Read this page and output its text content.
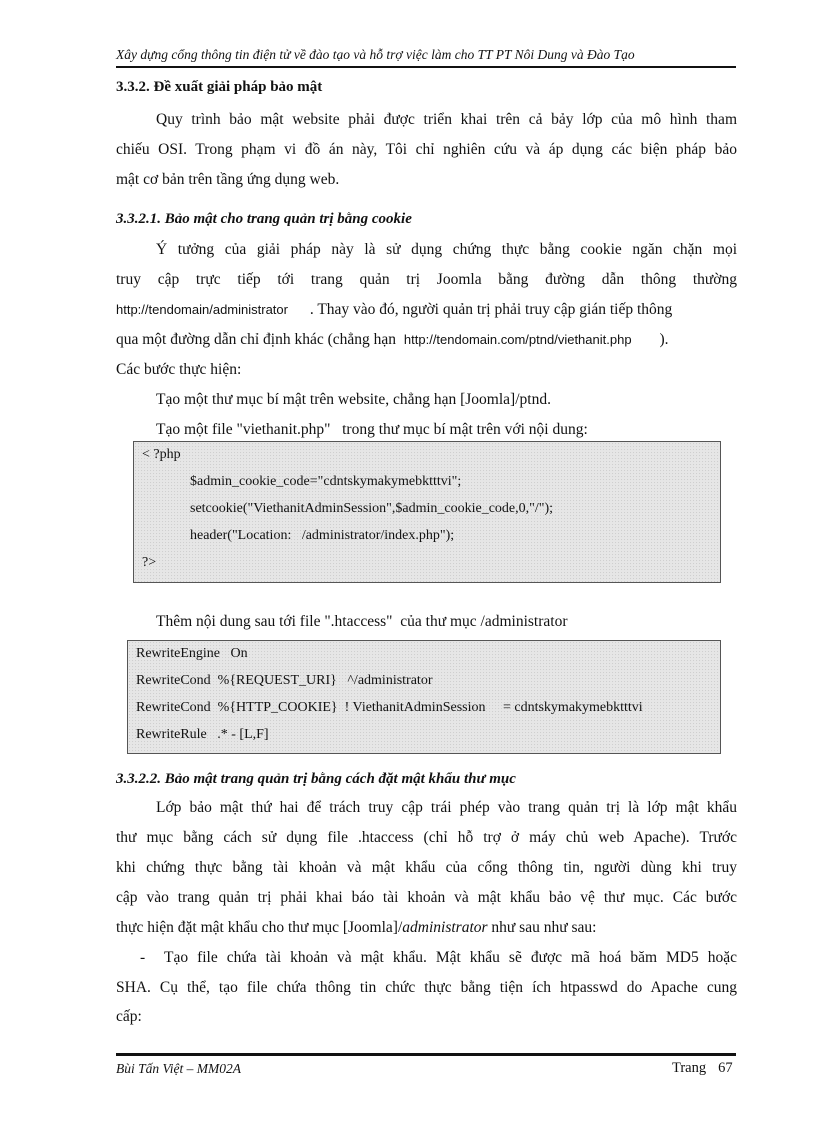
Xây dựng cổng thông tin điện tử về đào tạo và hỗ trợ việc làm cho TT PT Nôi Dung và Đào Tạo
3.3.2. Đề xuất giải pháp bảo mật
Quy trình bảo mật website phải được triển khai trên cả bảy lớp của mô hình tham
chiếu OSI. Trong phạm vi đồ án này, Tôi chỉ nghiên cứu và áp dụng các biện pháp bảo
mật cơ bản trên tầng ứng dụng web.
3.3.2.1. Bảo mật cho trang quản trị bằng cookie
Ý tưởng của giải pháp này là sử dụng chứng thực bằng cookie ngăn chặn mọi
truy cập trực tiếp tới trang quản trị Joomla bằng đường dẫn thông thường
http://tendomain/administrator . Thay vào đó, người quản trị phải truy cập gián tiếp thông
qua một đường dẫn chỉ định khác (chẳng hạn http://tendomain.com/ptnd/viethanit.php ).
Các bước thực hiện:
Tạo một thư mục bí mật trên website, chẳng hạn [Joomla]/ptnd.
Tạo một file "viethanit.php"   trong thư mục bí mật trên với nội dung:
< ?php
$admin_cookie_code="cdntskymakymebktttvi";
setcookie("ViethanitAdminSession",$admin_cookie_code,0,"/");
header("Location:   /administrator/index.php");
?>
Thêm nội dung sau tới file ".htaccess"  của thư mục /administrator
RewriteEngine   On
RewriteCond  %{REQUEST_URI}   ^/administrator
RewriteCond  %{HTTP_COOKIE}  ! ViethanitAdminSession     = cdntskymakymebktttvi
RewriteRule   .* - [L,F]
3.3.2.2. Bảo mật trang quản trị bằng cách đặt mật khẩu thư mục
Lớp bảo mật thứ hai để trách truy cập trái phép vào trang quản trị là lớp mật khẩu
thư mục bằng cách sử dụng file .htaccess (chỉ hỗ trợ ở máy chủ web Apache). Trước
khi chứng thực bằng tài khoản và mật khẩu của cổng thông tin, người dùng khi truy
cập vào trang quản trị phải khai báo tài khoản và mật khẩu bảo vệ thư mục. Các bước
thực hiện đặt mật khẩu cho thư mục [Joomla]/administrator như sau như sau:
- Tạo file chứa tài khoản và mật khẩu. Mật khẩu sẽ được mã hoá băm MD5 hoặc
SHA. Cụ thể, tạo file chứa thông tin chức thực bằng tiện ích htpasswd do Apache cung
cấp:
Bùi Tấn Việt – MM02A	Trang 67
